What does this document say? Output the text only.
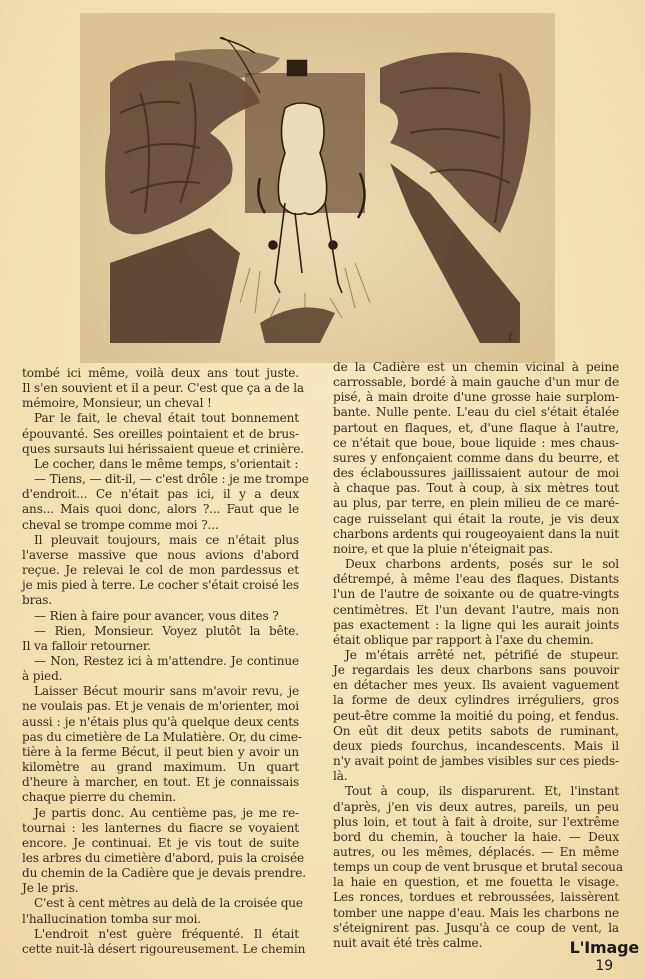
t.
tombé ici même, voilà deux ans tout juste.
Il s'en souvient et il a peur. C'est que ça a de la
mémoire, Monsieur, un cheval !
Par le fait, le cheval était tout bonnement
épouvanté. Ses oreilles pointaient et de brus-
ques sursauts lui hérissaient queue et crinière.
Le cocher, dans le même temps, s'orientait :
— Tiens, — dit-il, — c'est drôle : je me trompe
d'endroit... Ce n'était pas ici, il y a deux
ans... Mais quoi donc, alors ?... Faut que le
cheval se trompe comme moi ?...
Il pleuvait toujours, mais ce n'était plus
l'averse massive que nous avions d'abord
reçue. Je relevai le col de mon pardessus et
je mis pied à terre. Le cocher s'était croisé les
bras.
— Rien à faire pour avancer, vous dites ?
— Rien, Monsieur. Voyez plutôt la bête.
Il va falloir retourner.
— Non, Restez ici à m'attendre. Je continue
à pied.
Laisser Bécut mourir sans m'avoir revu, je
ne voulais pas. Et je venais de m'orienter, moi
aussi : je n'étais plus qu'à quelque deux cents
pas du cimetière de La Mulatière. Or, du cime-
tière à la ferme Bécut, il peut bien y avoir un
kilomètre au grand maximum. Un quart
d'heure à marcher, en tout. Et je connaissais
chaque pierre du chemin.
Je partis donc. Au centième pas, je me re-
tournai : les lanternes du fiacre se voyaient
encore. Je continuai. Et je vis tout de suite
les arbres du cimetière d'abord, puis la croisée
du chemin de la Cadière que je devais prendre.
Je le pris.
C'est à cent mètres au delà de la croisée que
l'hallucination tomba sur moi.
L'endroit n'est guère fréquenté. Il était
cette nuit-là désert rigoureusement. Le chemin
de la Cadière est un chemin vicinal à peine
carrossable, bordé à main gauche d'un mur de
pisé, à main droite d'une grosse haie surplom-
bante. Nulle pente. L'eau du ciel s'était étalée
partout en flaques, et, d'une flaque à l'autre,
ce n'était que boue, boue liquide : mes chaus-
sures y enfonçaient comme dans du beurre, et
des éclaboussures jaillissaient autour de moi
à chaque pas. Tout à coup, à six mètres tout
au plus, par terre, en plein milieu de ce maré-
cage ruisselant qui était la route, je vis deux
charbons ardents qui rougeoyaient dans la nuit
noire, et que la pluie n'éteignait pas.
Deux charbons ardents, posés sur le sol
détrempé, à même l'eau des flaques. Distants
l'un de l'autre de soixante ou de quatre-vingts
centimètres. Et l'un devant l'autre, mais non
pas exactement : la ligne qui les aurait joints
était oblique par rapport à l'axe du chemin.
Je m'étais arrêté net, pétrifié de stupeur.
Je regardais les deux charbons sans pouvoir
en détacher mes yeux. Ils avaient vaguement
la forme de deux cylindres irréguliers, gros
peut-être comme la moitié du poing, et fendus.
On eût dit deux petits sabots de ruminant,
deux pieds fourchus, incandescents. Mais il
n'y avait point de jambes visibles sur ces pieds-
là.
Tout à coup, ils disparurent. Et, l'instant
d'après, j'en vis deux autres, pareils, un peu
plus loin, et tout à fait à droite, sur l'extrême
bord du chemin, à toucher la haie. — Deux
autres, ou les mêmes, déplacés. — En même
temps un coup de vent brusque et brutal secoua
la haie en question, et me fouetta le visage.
Les ronces, tordues et rebroussées, laissèrent
tomber une nappe d'eau. Mais les charbons ne
s'éteignirent pas. Jusqu'à ce coup de vent, la
nuit avait été très calme.	L'Image
19
